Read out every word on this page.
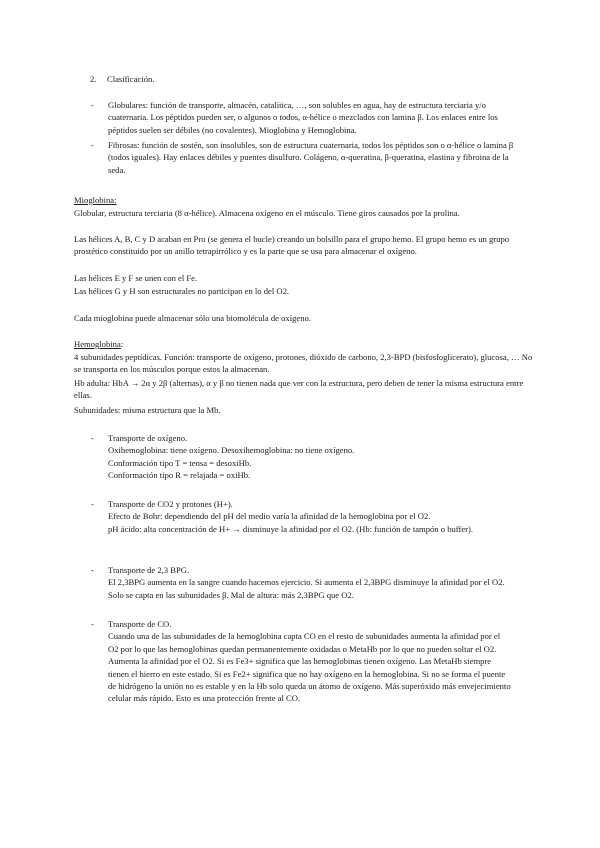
2. Clasificación.
- Globulares: función de transporte, almacén, catalítica, …, son solubles en agua, hay de estructura terciaria y/o cuaternaria. Los péptidos pueden ser, o algunos o todos, α-hélice o mezclados con lamina β. Los enlaces entre los péptidos suelen ser débiles (no covalentes). Mioglobina y Hemoglobina.
- Fibrosas: función de sostén, son insolubles, son de estructura cuaternaria, todos los péptidos son o α-hélice o lamina β (todos iguales). Hay enlaces débiles y puentes disulfuro. Colágeno, α-queratina, β-queratina, elastina y fibroina de la seda.
Mioglobina:
Globular, estructura terciaria (8 α-hélice). Almacena oxígeno en el músculo. Tiene giros causados por la prolina.
Las hélices A, B, C y D acaban en Pro (se genera el bucle) creando un bolsillo para el grupo hemo. El grupo hemo es un grupo prostético constituido por un anillo tetrapirrólico y es la parte que se usa para almacenar el oxígeno.
Las hélices E y F se unen con el Fe.
Las hélices G y H son estructurales no participan en lo del O2.
Cada mioglobina puede almacenar sólo una biomolécula de oxígeno.
Hemoglobina:
4 subunidades peptídicas. Función: transporte de oxígeno, protones, dióxido de carbono, 2,3-BPD (bisfosfoglicerato), glucosa, … No se transporta en los músculos porque estos la almacenan.
Hb adulta: HbA → 2α y 2β (alternas), α y β no tienen nada que ver con la estructura, pero deben de tener la misma estructura entre ellas.
Subunidades: misma estructura que la Mb.
- Transporte de oxígeno.

Oxihemoglobina: tiene oxígeno. Desoxihemoglobina: no tiene oxígeno.

Conformación tipo T = tensa = desoxiHb.

Conformación tipo R = relajada = oxiHb.

- Transporte de CO2 y protones (H+).

Efecto de Bohr: dependiendo del pH del medio varía la afinidad de la hemoglobina por el O2.

pH ácido: alta concentración de H+ → disminuye la afinidad por el O2. (Hb: función de tampón o buffer).

- Transporte de 2,3 BPG.

El 2,3BPG aumenta en la sangre cuando hacemos ejercicio. Si aumenta el 2,3BPG disminuye la afinidad por el O2. Solo se capta en las subunidades β. Mal de altura: más 2,3BPG que O2.

- Transporte de CO.

Cuando una de las subunidades de la hemoglobina capta CO en el resto de subunidades aumenta la afinidad por el O2 por lo que las hemoglobinas quedan permanentemente oxidadas o MetaHb por lo que no pueden soltar el O2. Aumenta la afinidad por el O2. Si es Fe3+ significa que las hemoglobinas tienen oxígeno. Las MetaHb siempre tienen el hierro en este estado. Si es Fe2+ significa que no hay oxígeno en la hemoglobina. Si no se forma el puente de hidrógeno la unión no es estable y en la Hb solo queda un átomo de oxígeno. Más superóxido más envejecimiento celular más rápido. Esto es una protección frente al CO.
